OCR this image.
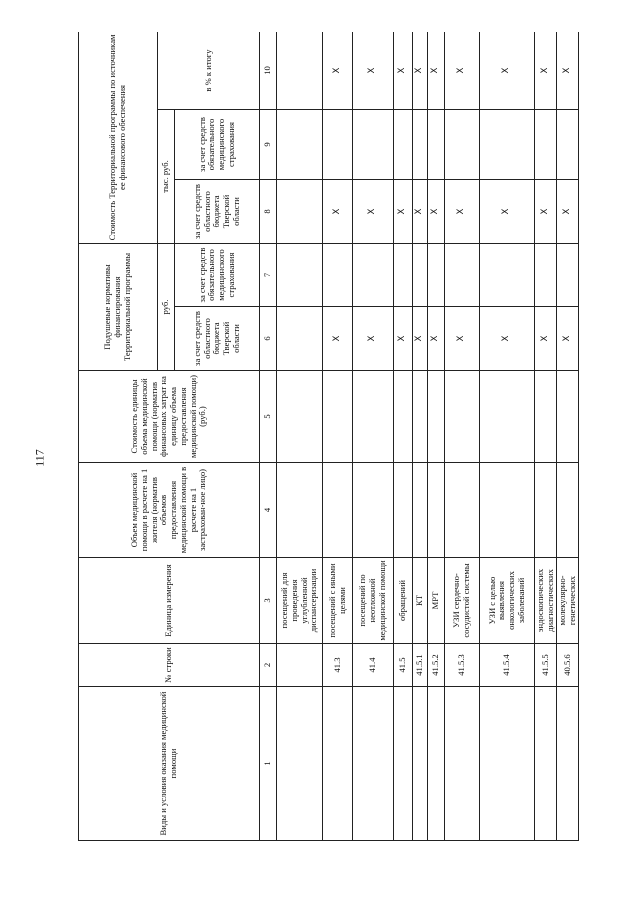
117
Виды и условия оказания медицинской помощи	№ строки	Единица измерения	Объем медицинской помощи в расчете на 1 жителя (норматив объемов предоставления медицинской помощи в расчете на 1 застрахован-ное лицо)	Стоимость единицы объема медицинской помощи (норматив финансовых затрат на единицу объема предоставления медицинской помощи) (руб.)	Подушевые нормативы финансирования Территориальной программы		Стоимость Территориальной программы по источникам ее финансового обеспечения		
					руб.		тыс. руб.		в % к итогу
					за счет средств областного бюджета Тверской области	за счет средств обязательного медицинского страхования	за счет средств областного бюджета Тверской области	за счет средств обязательного медицинского страхования	
1	2	3	4	5	6	7	8	9	10
		посещений для проведения углубленной диспансеризации							
	41.3	посещений с иными целями			X		X		X
	41.4	посещений по неотложной медицинской помощи			X		X		X
	41.5	обращений			X		X		X
	41.5.1	КТ			X		X		X
	41.5.2	МРТ			X		X		X
	41.5.3	УЗИ сердечно-сосудистой системы			X		X		X
	41.5.4	УЗИ с целью выявления онкологических заболеваний			X		X		X
	41.5.5	эндоскопических диагностических			X		X		X
	40.5.6	молекулярно-генетических			X		X		X
